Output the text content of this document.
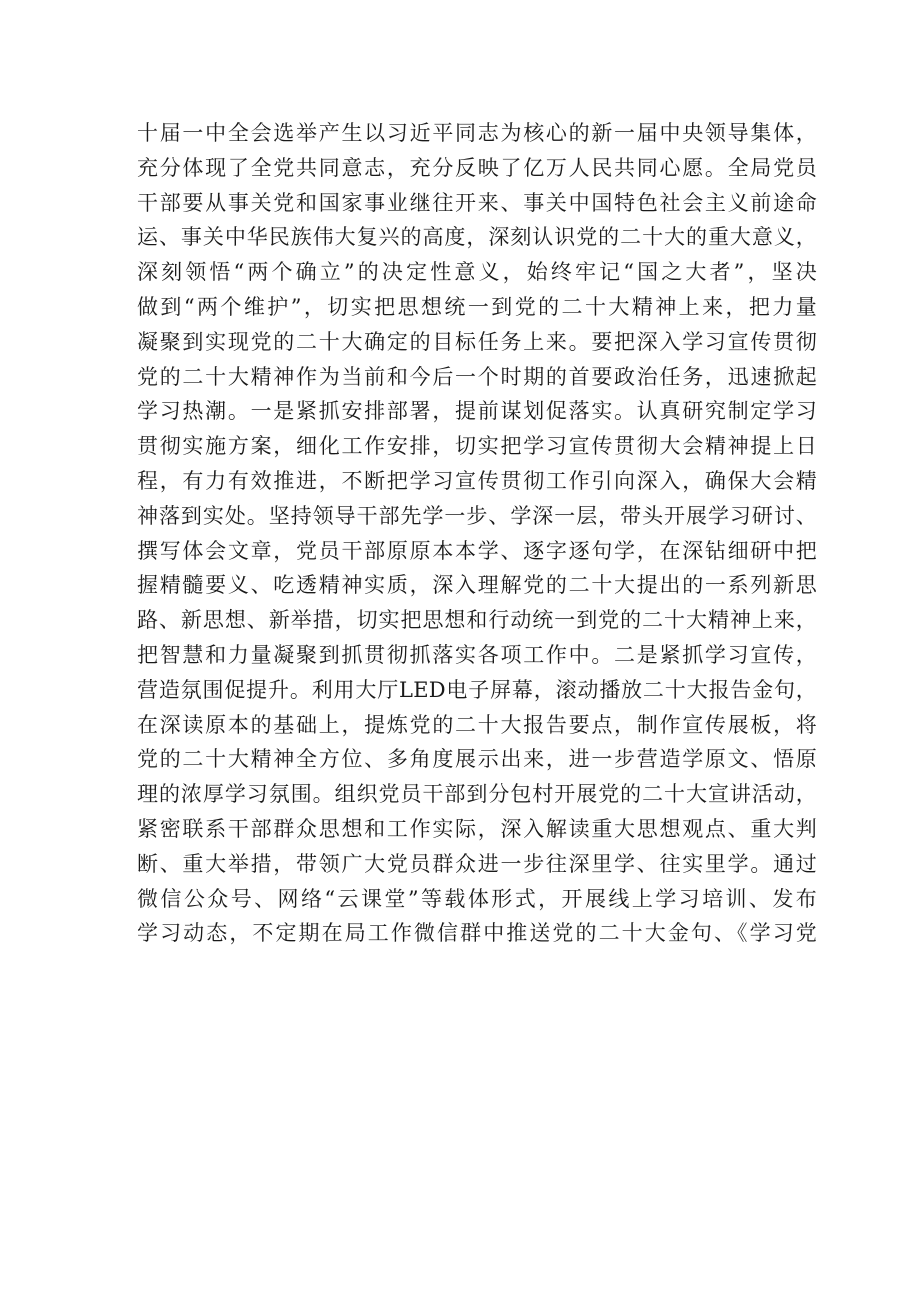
十届一中全会选举产生以习近平同志为核心的新一届中央领导集体，
充分体现了全党共同意志，充分反映了亿万人民共同心愿。全局党员
干部要从事关党和国家事业继往开来、事关中国特色社会主义前途命
运、事关中华民族伟大复兴的高度，深刻认识党的二十大的重大意义，
深刻领悟“两个确立”的决定性意义，始终牢记“国之大者”，坚决
做到“两个维护”，切实把思想统一到党的二十大精神上来，把力量
凝聚到实现党的二十大确定的目标任务上来。要把深入学习宣传贯彻
党的二十大精神作为当前和今后一个时期的首要政治任务，迅速掀起
学习热潮。一是紧抓安排部署，提前谋划促落实。认真研究制定学习
贯彻实施方案，细化工作安排，切实把学习宣传贯彻大会精神提上日
程，有力有效推进，不断把学习宣传贯彻工作引向深入，确保大会精
神落到实处。坚持领导干部先学一步、学深一层，带头开展学习研讨、
撰写体会文章，党员干部原原本本学、逐字逐句学，在深钻细研中把
握精髓要义、吃透精神实质，深入理解党的二十大提出的一系列新思
路、新思想、新举措，切实把思想和行动统一到党的二十大精神上来，
把智慧和力量凝聚到抓贯彻抓落实各项工作中。二是紧抓学习宣传，
营造氛围促提升。利用大厅LED电子屏幕，滚动播放二十大报告金句，
在深读原本的基础上，提炼党的二十大报告要点，制作宣传展板，将
党的二十大精神全方位、多角度展示出来，进一步营造学原文、悟原
理的浓厚学习氛围。组织党员干部到分包村开展党的二十大宣讲活动，
紧密联系干部群众思想和工作实际，深入解读重大思想观点、重大判
断、重大举措，带领广大党员群众进一步往深里学、往实里学。通过
微信公众号、网络“云课堂”等载体形式，开展线上学习培训、发布
学习动态，不定期在局工作微信群中推送党的二十大金句、《学习党
